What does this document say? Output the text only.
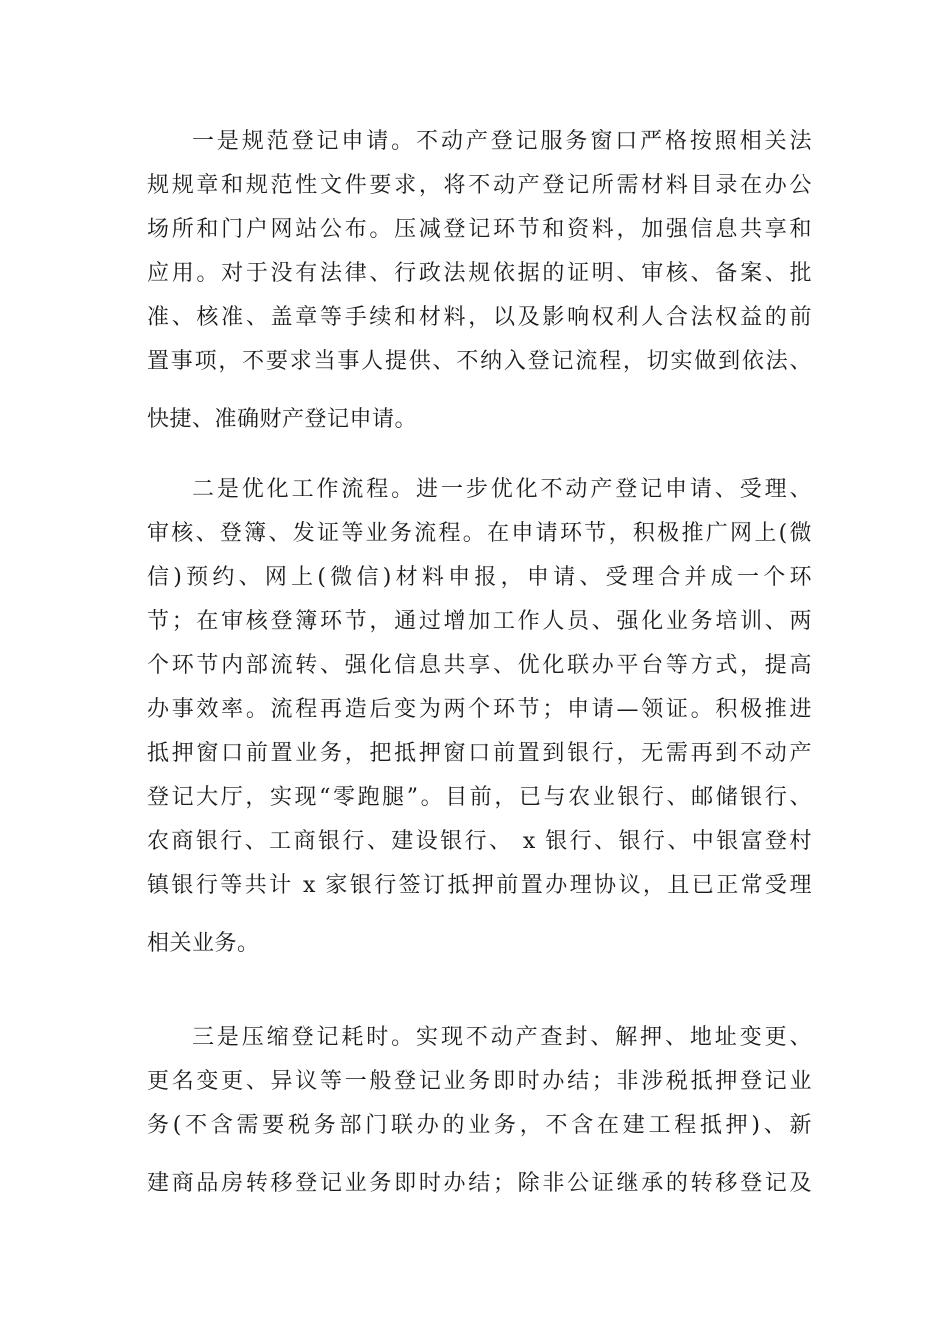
一是规范登记申请。不动产登记服务窗口严格按照相关法
规规章和规范性文件要求，将不动产登记所需材料目录在办公
场所和门户网站公布。压减登记环节和资料，加强信息共享和
应用。对于没有法律、行政法规依据的证明、审核、备案、批
准、核准、盖章等手续和材料，以及影响权利人合法权益的前
置事项，不要求当事人提供、不纳入登记流程，切实做到依法、
快捷、准确财产登记申请。
二是优化工作流程。进一步优化不动产登记申请、受理、
审核、登簿、发证等业务流程。在申请环节，积极推广网上(微
信)预约、网上(微信)材料申报，申请、受理合并成一个环
节；在审核登簿环节，通过增加工作人员、强化业务培训、两
个环节内部流转、强化信息共享、优化联办平台等方式，提高
办事效率。流程再造后变为两个环节；申请—领证。积极推进
抵押窗口前置业务，把抵押窗口前置到银行，无需再到不动产
登记大厅，实现“零跑腿”。目前，已与农业银行、邮储银行、
农商银行、工商银行、建设银行、 x 银行、银行、中银富登村
镇银行等共计 x 家银行签订抵押前置办理协议，且已正常受理
相关业务。
三是压缩登记耗时。实现不动产查封、解押、地址变更、
更名变更、异议等一般登记业务即时办结；非涉税抵押登记业
务(不含需要税务部门联办的业务，不含在建工程抵押)、新
建商品房转移登记业务即时办结；除非公证继承的转移登记及
